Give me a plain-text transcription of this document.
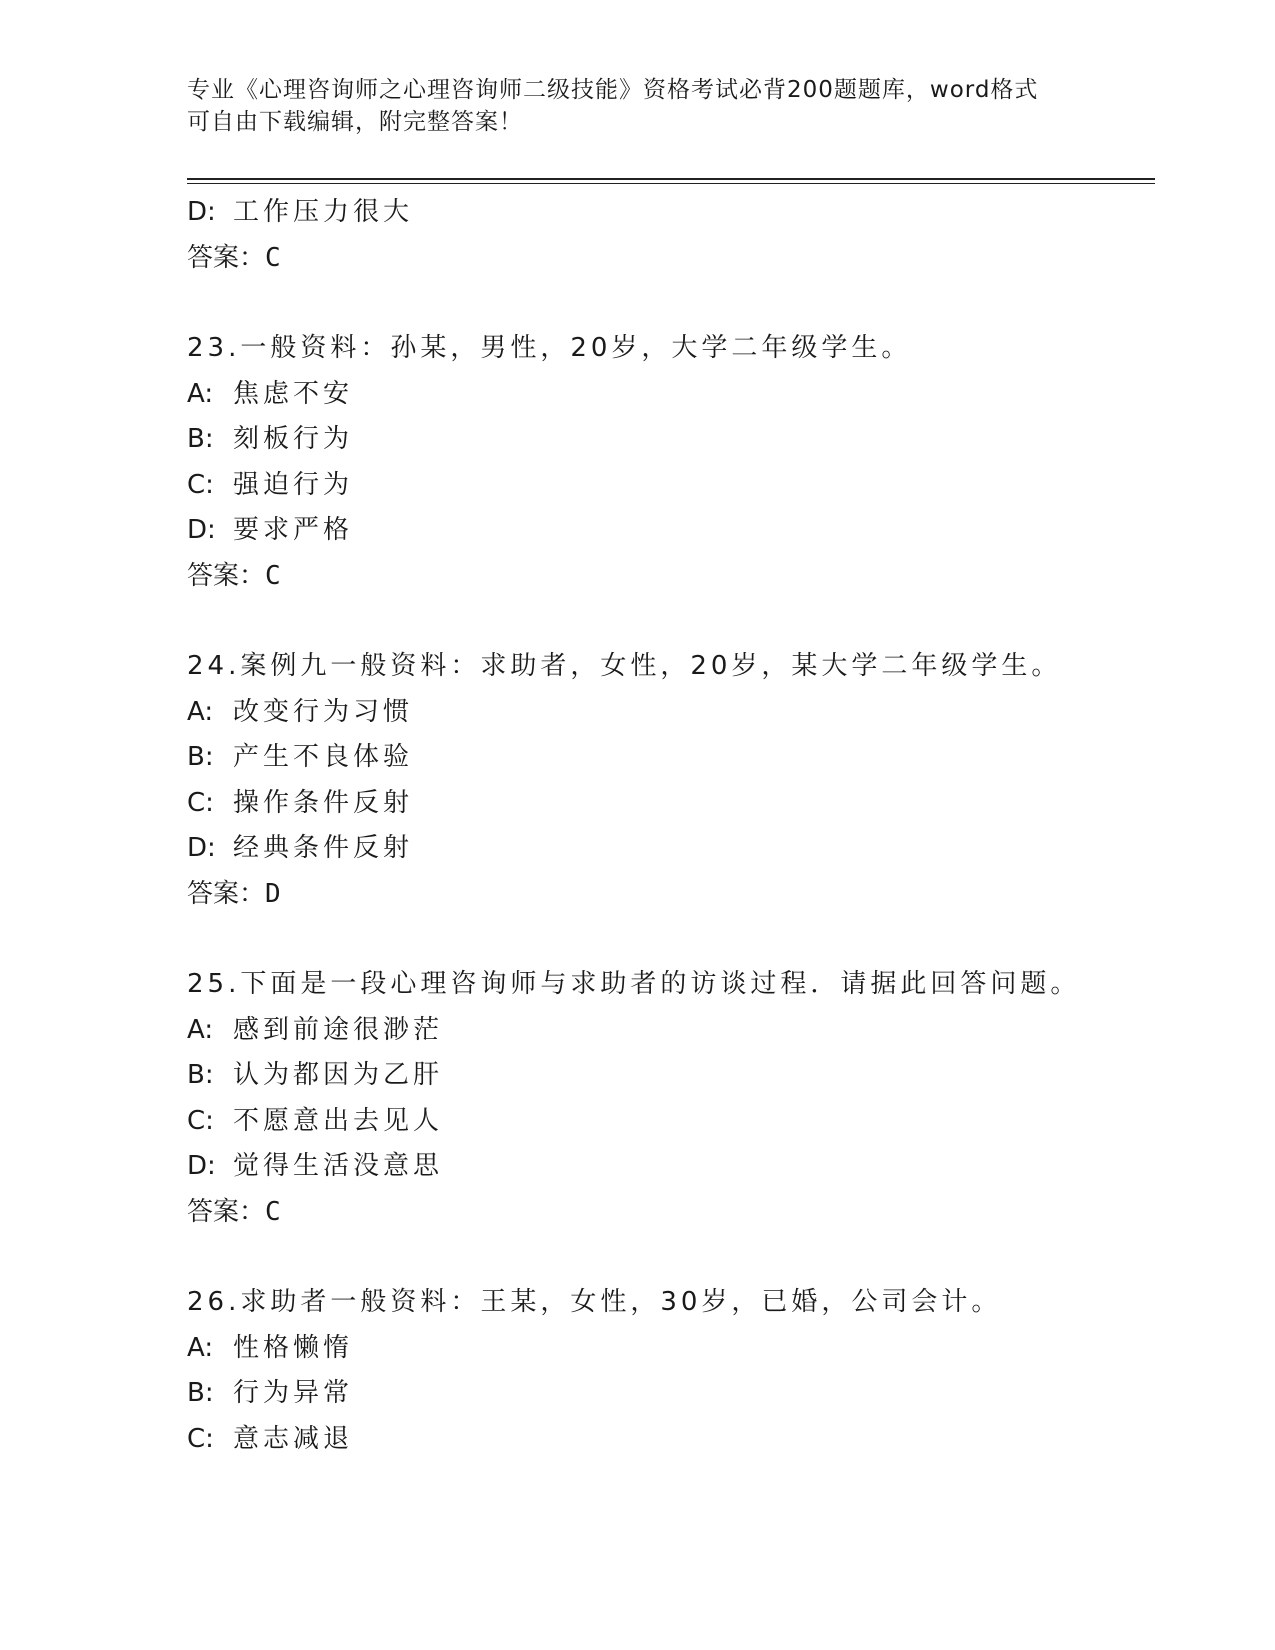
专业《心理咨询师之心理咨询师二级技能》资格考试必背200题题库，word格式
可自由下载编辑，附完整答案！
D: 工作压力很大
答案：C
23.一般资料：孙某，男性，20岁，大学二年级学生。
A: 焦虑不安
B: 刻板行为
C: 强迫行为
D: 要求严格
答案：C
24.案例九一般资料：求助者，女性，20岁，某大学二年级学生。
A: 改变行为习惯
B: 产生不良体验
C: 操作条件反射
D: 经典条件反射
答案：D
25.下面是一段心理咨询师与求助者的访谈过程．请据此回答问题。
A: 感到前途很渺茫
B: 认为都因为乙肝
C: 不愿意出去见人
D: 觉得生活没意思
答案：C
26.求助者一般资料：王某，女性，30岁，已婚，公司会计。
A: 性格懒惰
B: 行为异常
C: 意志减退
